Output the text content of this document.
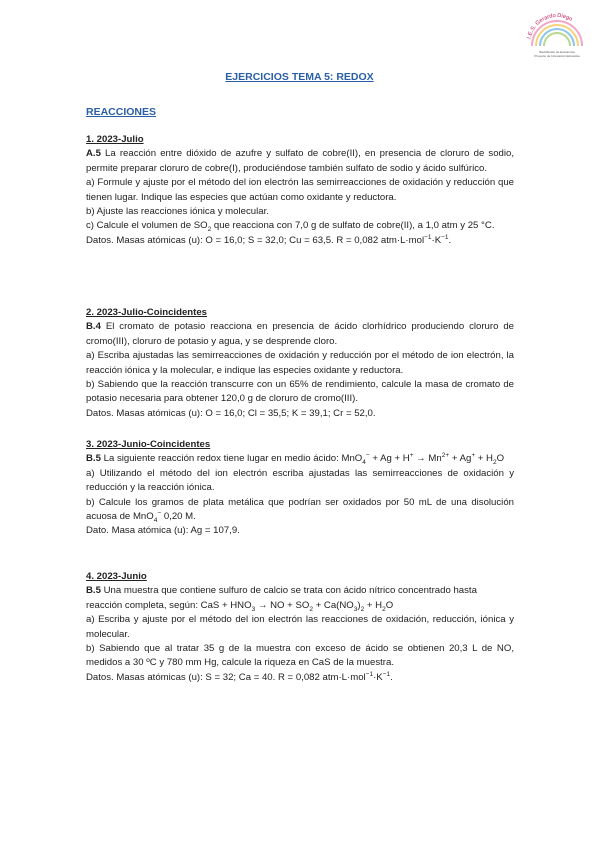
I.E.S. Gerardo Diego
Bachillerato de Excelencia
Proyecto de Innovación Educativa
EJERCICIOS TEMA 5: REDOX
REACCIONES

1. 2023-Julio

A.5 La reacción entre dióxido de azufre y sulfato de cobre(II), en presencia de cloruro de sodio, permite preparar cloruro de cobre(I), produciéndose también sulfato de sodio y ácido sulfúrico.

a) Formule y ajuste por el método del ion electrón las semirreacciones de oxidación y reducción que tienen lugar. Indique las especies que actúan como oxidante y reductora.

b) Ajuste las reacciones iónica y molecular.

c) Calcule el volumen de $SO_2$ que reacciona con 7,0 g de sulfato de cobre(II), a 1,0 atm y 25 °C.

Datos. Masas atómicas (u): O = 16,0; S = 32,0; Cu = 63,5. R = 0,082 $atm\cdot L\cdot mol^{-1}\cdot K^{-1}$.

2. 2023-Julio-Coincidentes

B.4 El cromato de potasio reacciona en presencia de ácido clorhídrico produciendo cloruro de cromo(III), cloruro de potasio y agua, y se desprende cloro.

a) Escriba ajustadas las semirreacciones de oxidación y reducción por el método de ion electrón, la reacción iónica y la molecular, e indique las especies oxidante y reductora.

b) Sabiendo que la reacción transcurre con un 65% de rendimiento, calcule la masa de cromato de potasio necesaria para obtener 120,0 g de cloruro de cromo(III).

Datos. Masas atómicas (u): O = 16,0; Cl = 35,5; K = 39,1; Cr = 52,0.

3. 2023-Junio-Coincidentes

B.5 La siguiente reacción redox tiene lugar en medio ácido: $MnO_4^- + Ag + H^+ \to Mn^{2+} + Ag^+ + H_2O$

a) Utilizando el método del ion electrón escriba ajustadas las semirreacciones de oxidación y reducción y la reacción iónica.

b) Calcule los gramos de plata metálica que podrían ser oxidados por 50 mL de una disolución acuosa de MnO$_4$− 0,20 M.

Dato. Masa atómica (u): Ag = 107,9.

4. 2023-Junio

B.5 Una muestra que contiene sulfuro de calcio se trata con ácido nítrico concentrado hasta reacción completa, según: CaS + $HNO_3$ → NO + $SO_2 + Ca(NO_3)_2 + H_2O$

a) Escriba y ajuste por el método del ion electrón las reacciones de oxidación, reducción, iónica y molecular.

b) Sabiendo que al tratar 35 g de la muestra con exceso de ácido se obtienen 20,3 L de NO, medidos a 30 ºC y 780 mm Hg, calcule la riqueza en CaS de la muestra.

Datos. Masas atómicas (u): S = 32; Ca = 40. R = 0,082 $atm\cdot L\cdot mol^{-1}\cdot K^{-1}$.
